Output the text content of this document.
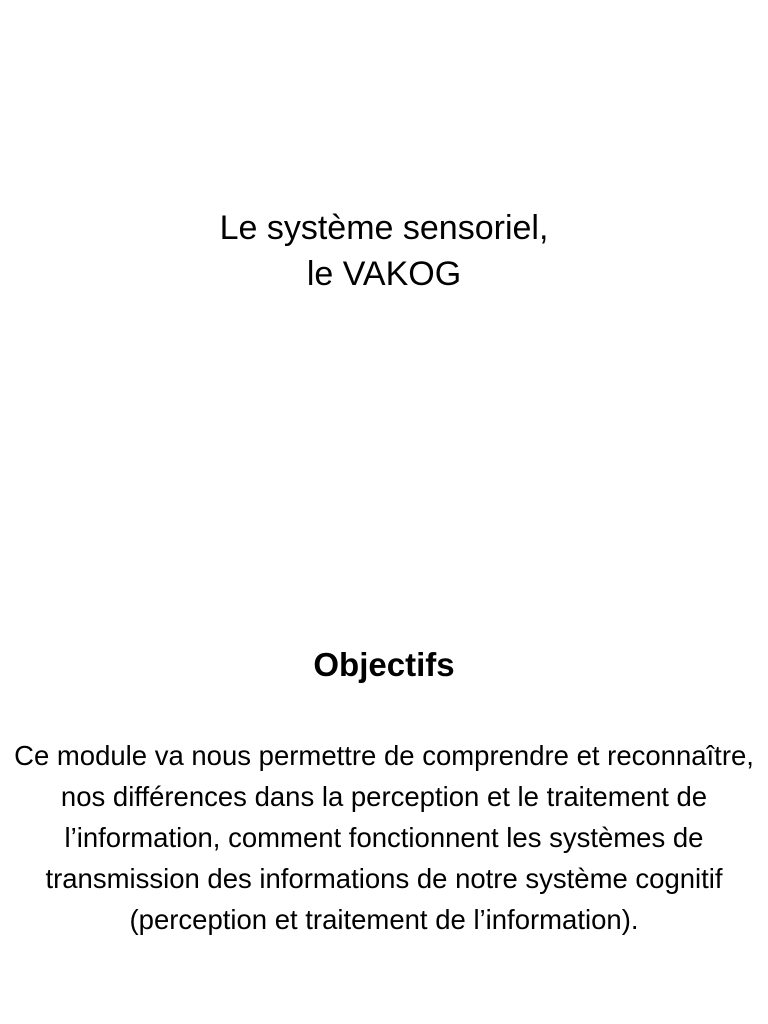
Le système sensoriel,
le VAKOG
Objectifs

Ce module va nous permettre de comprendre et reconnaître, nos différences dans la perception et le traitement de l’information, comment fonctionnent les systèmes de transmission des informations de notre système cognitif (perception et traitement de l’information).
